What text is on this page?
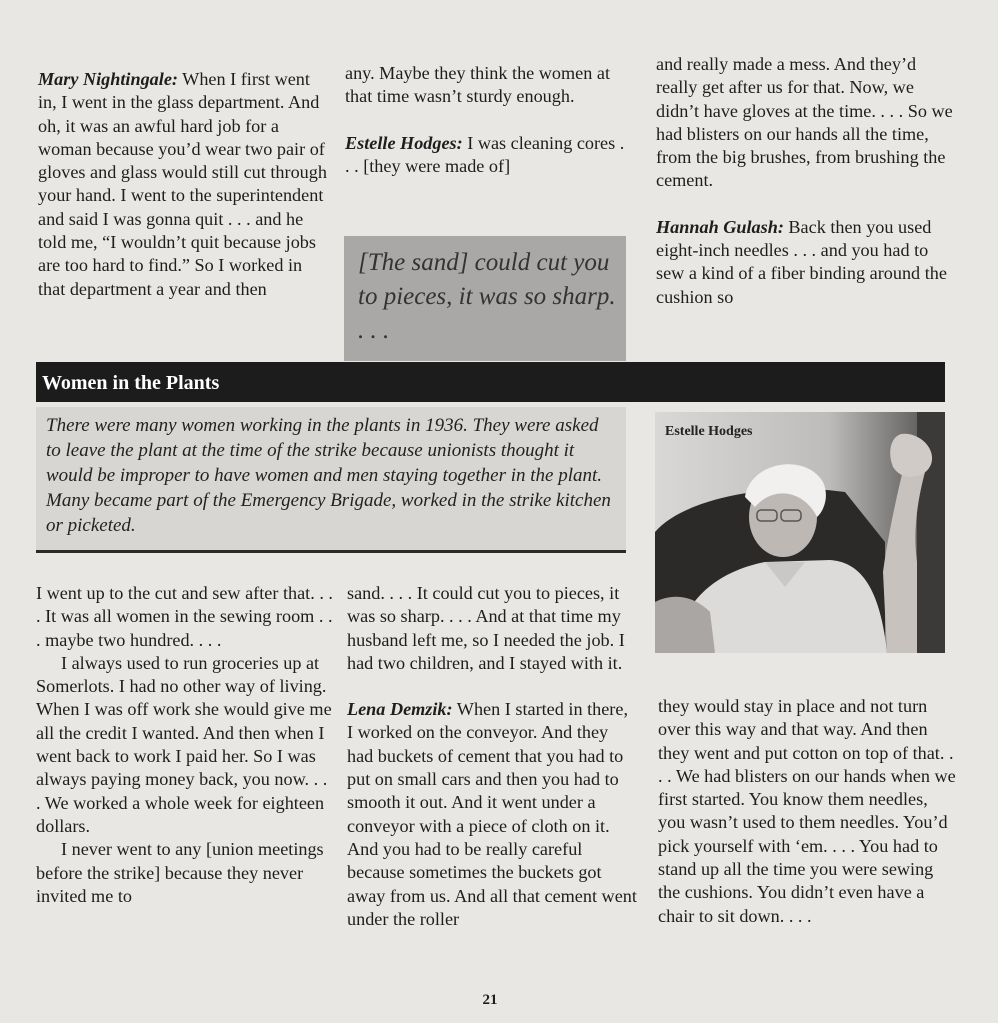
Mary Nightingale: When I first went in, I went in the glass department. And oh, it was an awful hard job for a woman because you’d wear two pair of gloves and glass would still cut through your hand. I went to the superintendent and said I was gonna quit . . . and he told me, “I wouldn’t quit because jobs are too hard to find.” So I worked in that department a year and then

any. Maybe they think the women at that time wasn’t sturdy enough.

Estelle Hodges: I was cleaning cores . . . [they were made of]

[The sand] could cut you to pieces, it was so sharp. . . .

and really made a mess. And they’d really get after us for that. Now, we didn’t have gloves at the time. . . . So we had blisters on our hands all the time, from the big brushes, from brushing the cement.

Hannah Gulash: Back then you used eight-inch needles . . . and you had to sew a kind of a fiber binding around the cushion so

Women in the Plants
There were many women working in the plants in 1936. They were asked to leave the plant at the time of the strike because unionists thought it would be improper to have women and men staying together in the plant. Many became part of the Emergency Brigade, worked in the strike kitchen or picketed.
Estelle Hodges

I went up to the cut and sew after that. . . . It was all women in the sewing room . . . maybe two hundred. . . .

I always used to run groceries up at Somerlots. I had no other way of living. When I was off work she would give me all the credit I wanted. And then when I went back to work I paid her. So I was always paying money back, you now. . . . We worked a whole week for eighteen dollars.

I never went to any [union meetings before the strike] because they never invited me to

sand. . . . It could cut you to pieces, it was so sharp. . . . And at that time my husband left me, so I needed the job. I had two children, and I stayed with it.

Lena Demzik: When I started in there, I worked on the conveyor. And they had buckets of cement that you had to put on small cars and then you had to smooth it out. And it went under a conveyor with a piece of cloth on it. And you had to be really careful because sometimes the buckets got away from us. And all that cement went under the roller

they would stay in place and not turn over this way and that way. And then they went and put cotton on top of that. . . . We had blisters on our hands when we first started. You know them needles, you wasn’t used to them needles. You’d pick yourself with ‘em. . . . You had to stand up all the time you were sewing the cushions. You didn’t even have a chair to sit down. . . .

21
